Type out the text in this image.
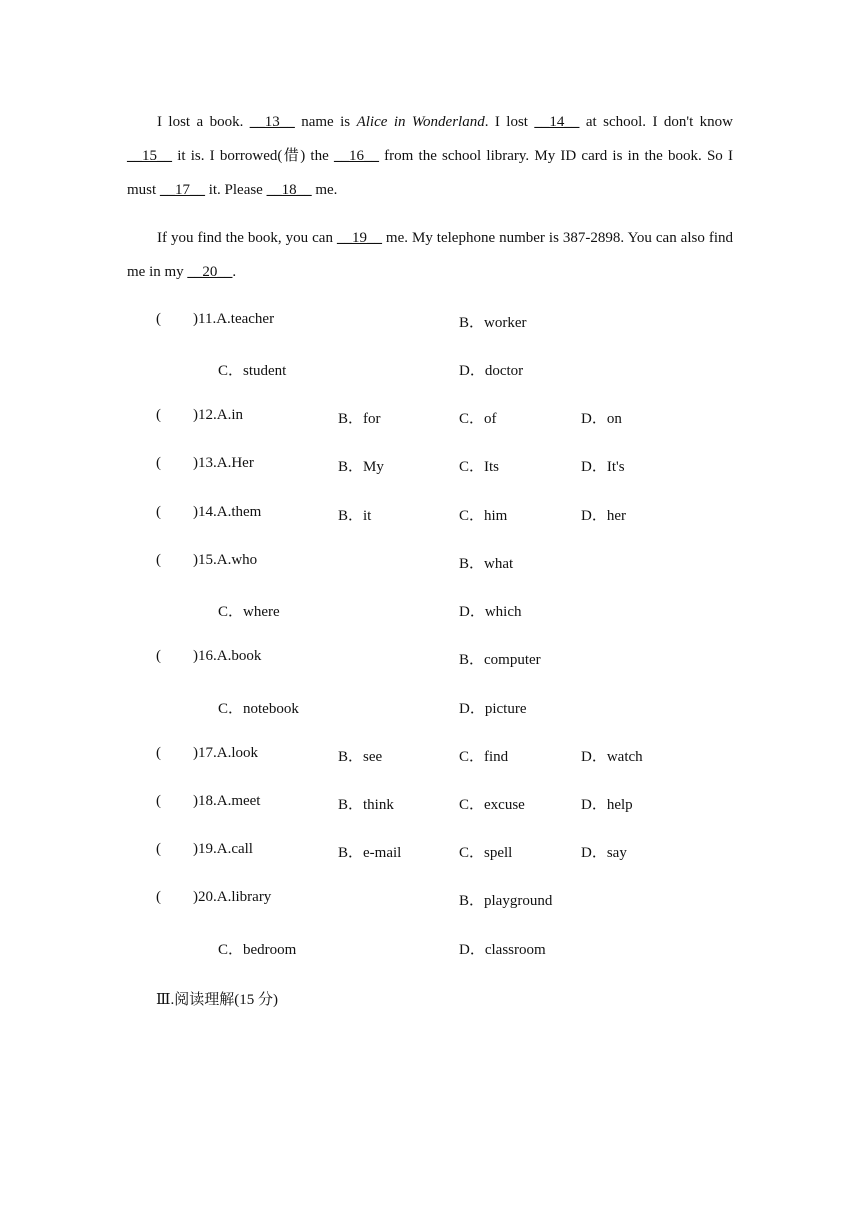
I lost a book. __13__ name is Alice in Wonderland. I lost __14__ at school. I don't know __15__ it is. I borrowed(借) the __16__ from the school library. My ID card is in the book. So I must __17__ it. Please __18__ me.

If you find the book, you can __19__ me. My telephone number is 387-2898. You can also find me in my __20__.

( )11.A.teacher	B．worker
C．student	D．doctor
( )12.A.in	B．for	C．of	D．on
( )13.A.Her	B．My	C．Its	D．It's
( )14.A.them	B．it	C．him	D．her
( )15.A.who	B．what
C．where	D．which
( )16.A.book	B．computer
C．notebook	D．picture
( )17.A.look	B．see	C．find	D．watch
( )18.A.meet	B．think	C．excuse	D．help
( )19.A.call	B．e-mail	C．spell	D．say
( )20.A.library	B．playground
C．bedroom	D．classroom
Ⅲ.阅读理解(15 分)
